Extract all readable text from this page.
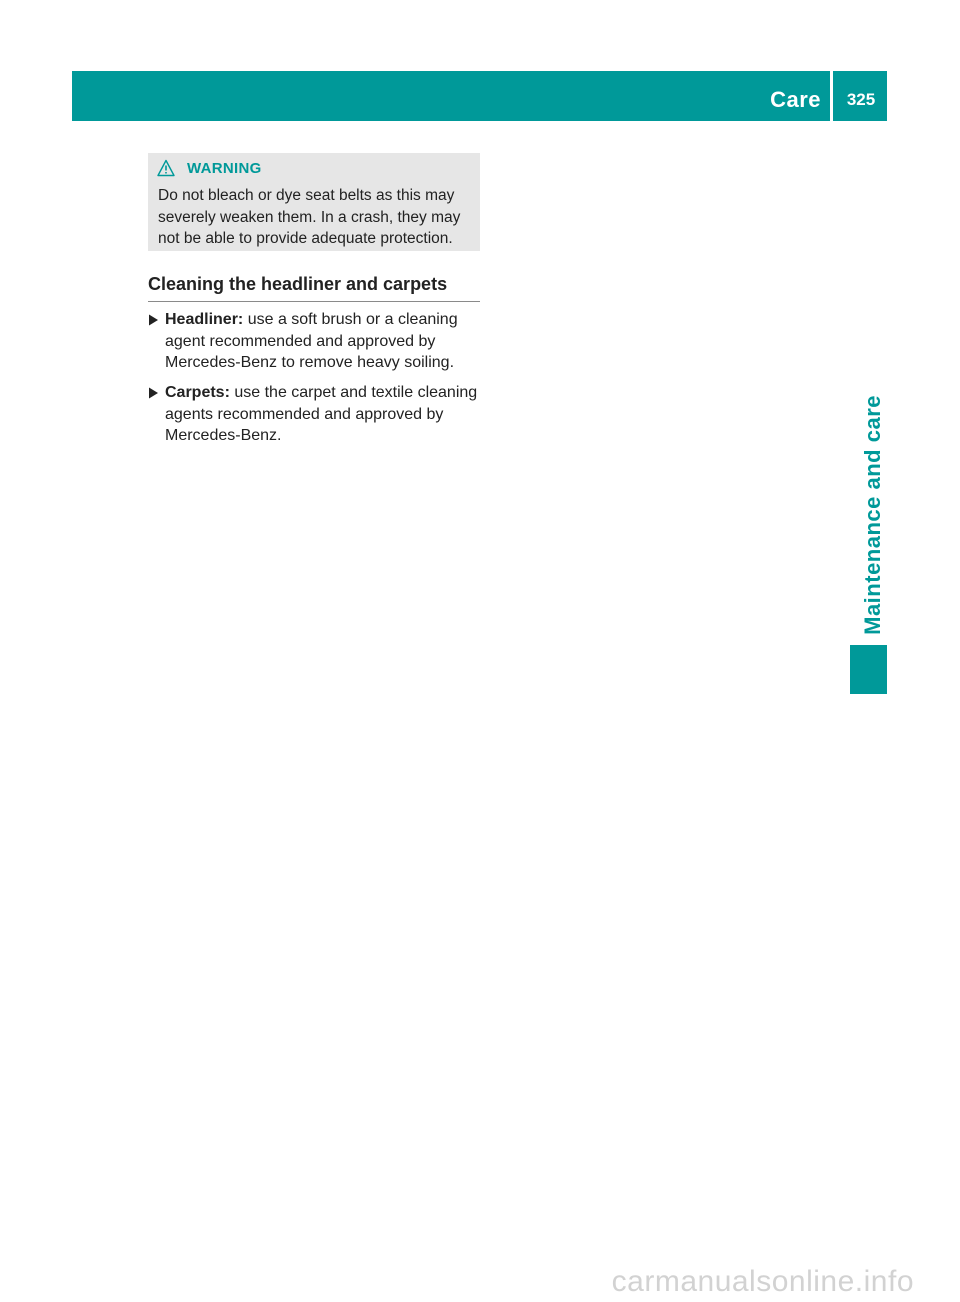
Care	325
Maintenance and care
WARNING
Do not bleach or dye seat belts as this may severely weaken them. In a crash, they may not be able to provide adequate protection.
Cleaning the headliner and carpets
Headliner: use a soft brush or a cleaning agent recommended and approved by Mercedes-Benz to remove heavy soiling.
Carpets: use the carpet and textile cleaning agents recommended and approved by Mercedes-Benz.
carmanualsonline.info
